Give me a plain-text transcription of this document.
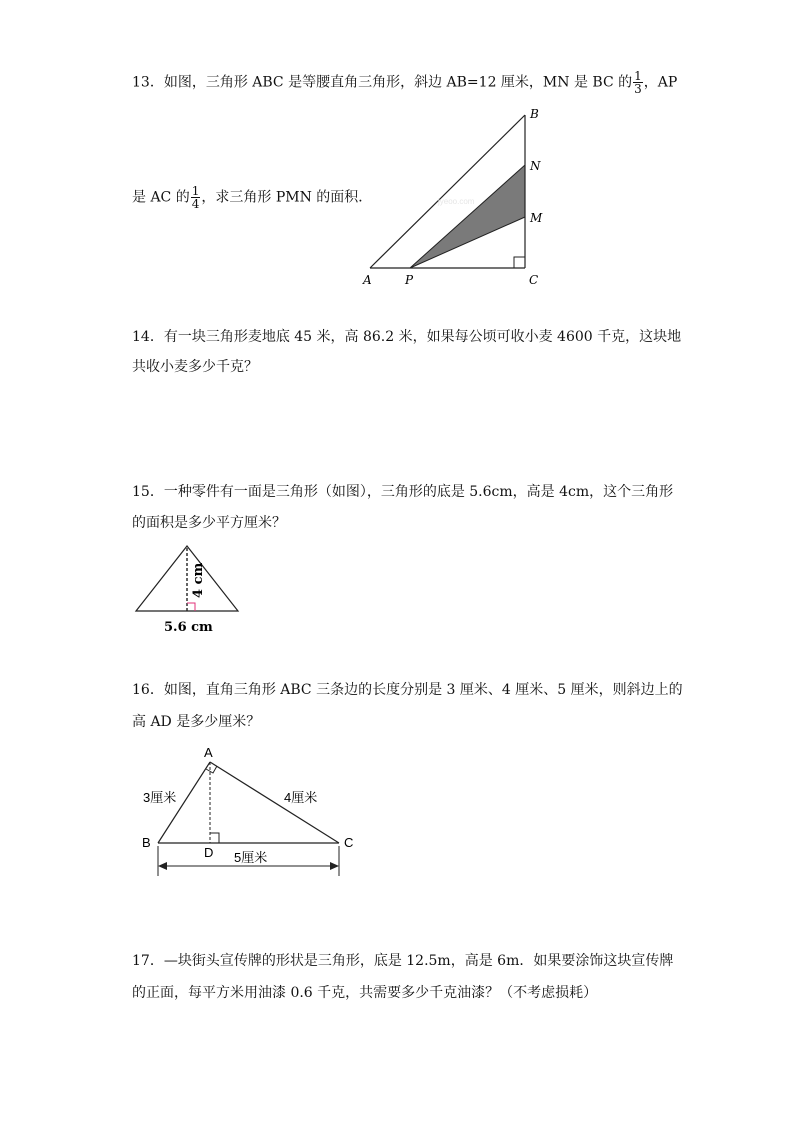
13．如图，三角形 ABC 是等腰直角三角形，斜边 AB=12 厘米，MN 是 BC 的 $\frac{1}{3}$ ，AP
是 AC 的 $\frac{1}{4}$ ，求三角形 PMN 的面积．	jyeoo.com
B
N
M
A	P	C
14．有一块三角形麦地底 45 米，高 86.2 米，如果每公顷可收小麦 4600 千克，这块地
共收小麦多少千克？
15．一种零件有一面是三角形（如图），三角形的底是 5.6cm，高是 4cm，这个三角形
的面积是多少平方厘米？
4 cm
5.6 cm
16．如图，直角三角形 ABC 三条边的长度分别是 3 厘米、4 厘米、5 厘米，则斜边上的
高 AD 是多少厘米？
A
B	C
D
3厘米	4厘米
5厘米
17．—块街头宣传牌的形状是三角形，底是 12.5m，高是 6m．如果要涂饰这块宣传牌
的正面，每平方米用油漆 0.6 千克，共需要多少千克油漆？（不考虑损耗）
